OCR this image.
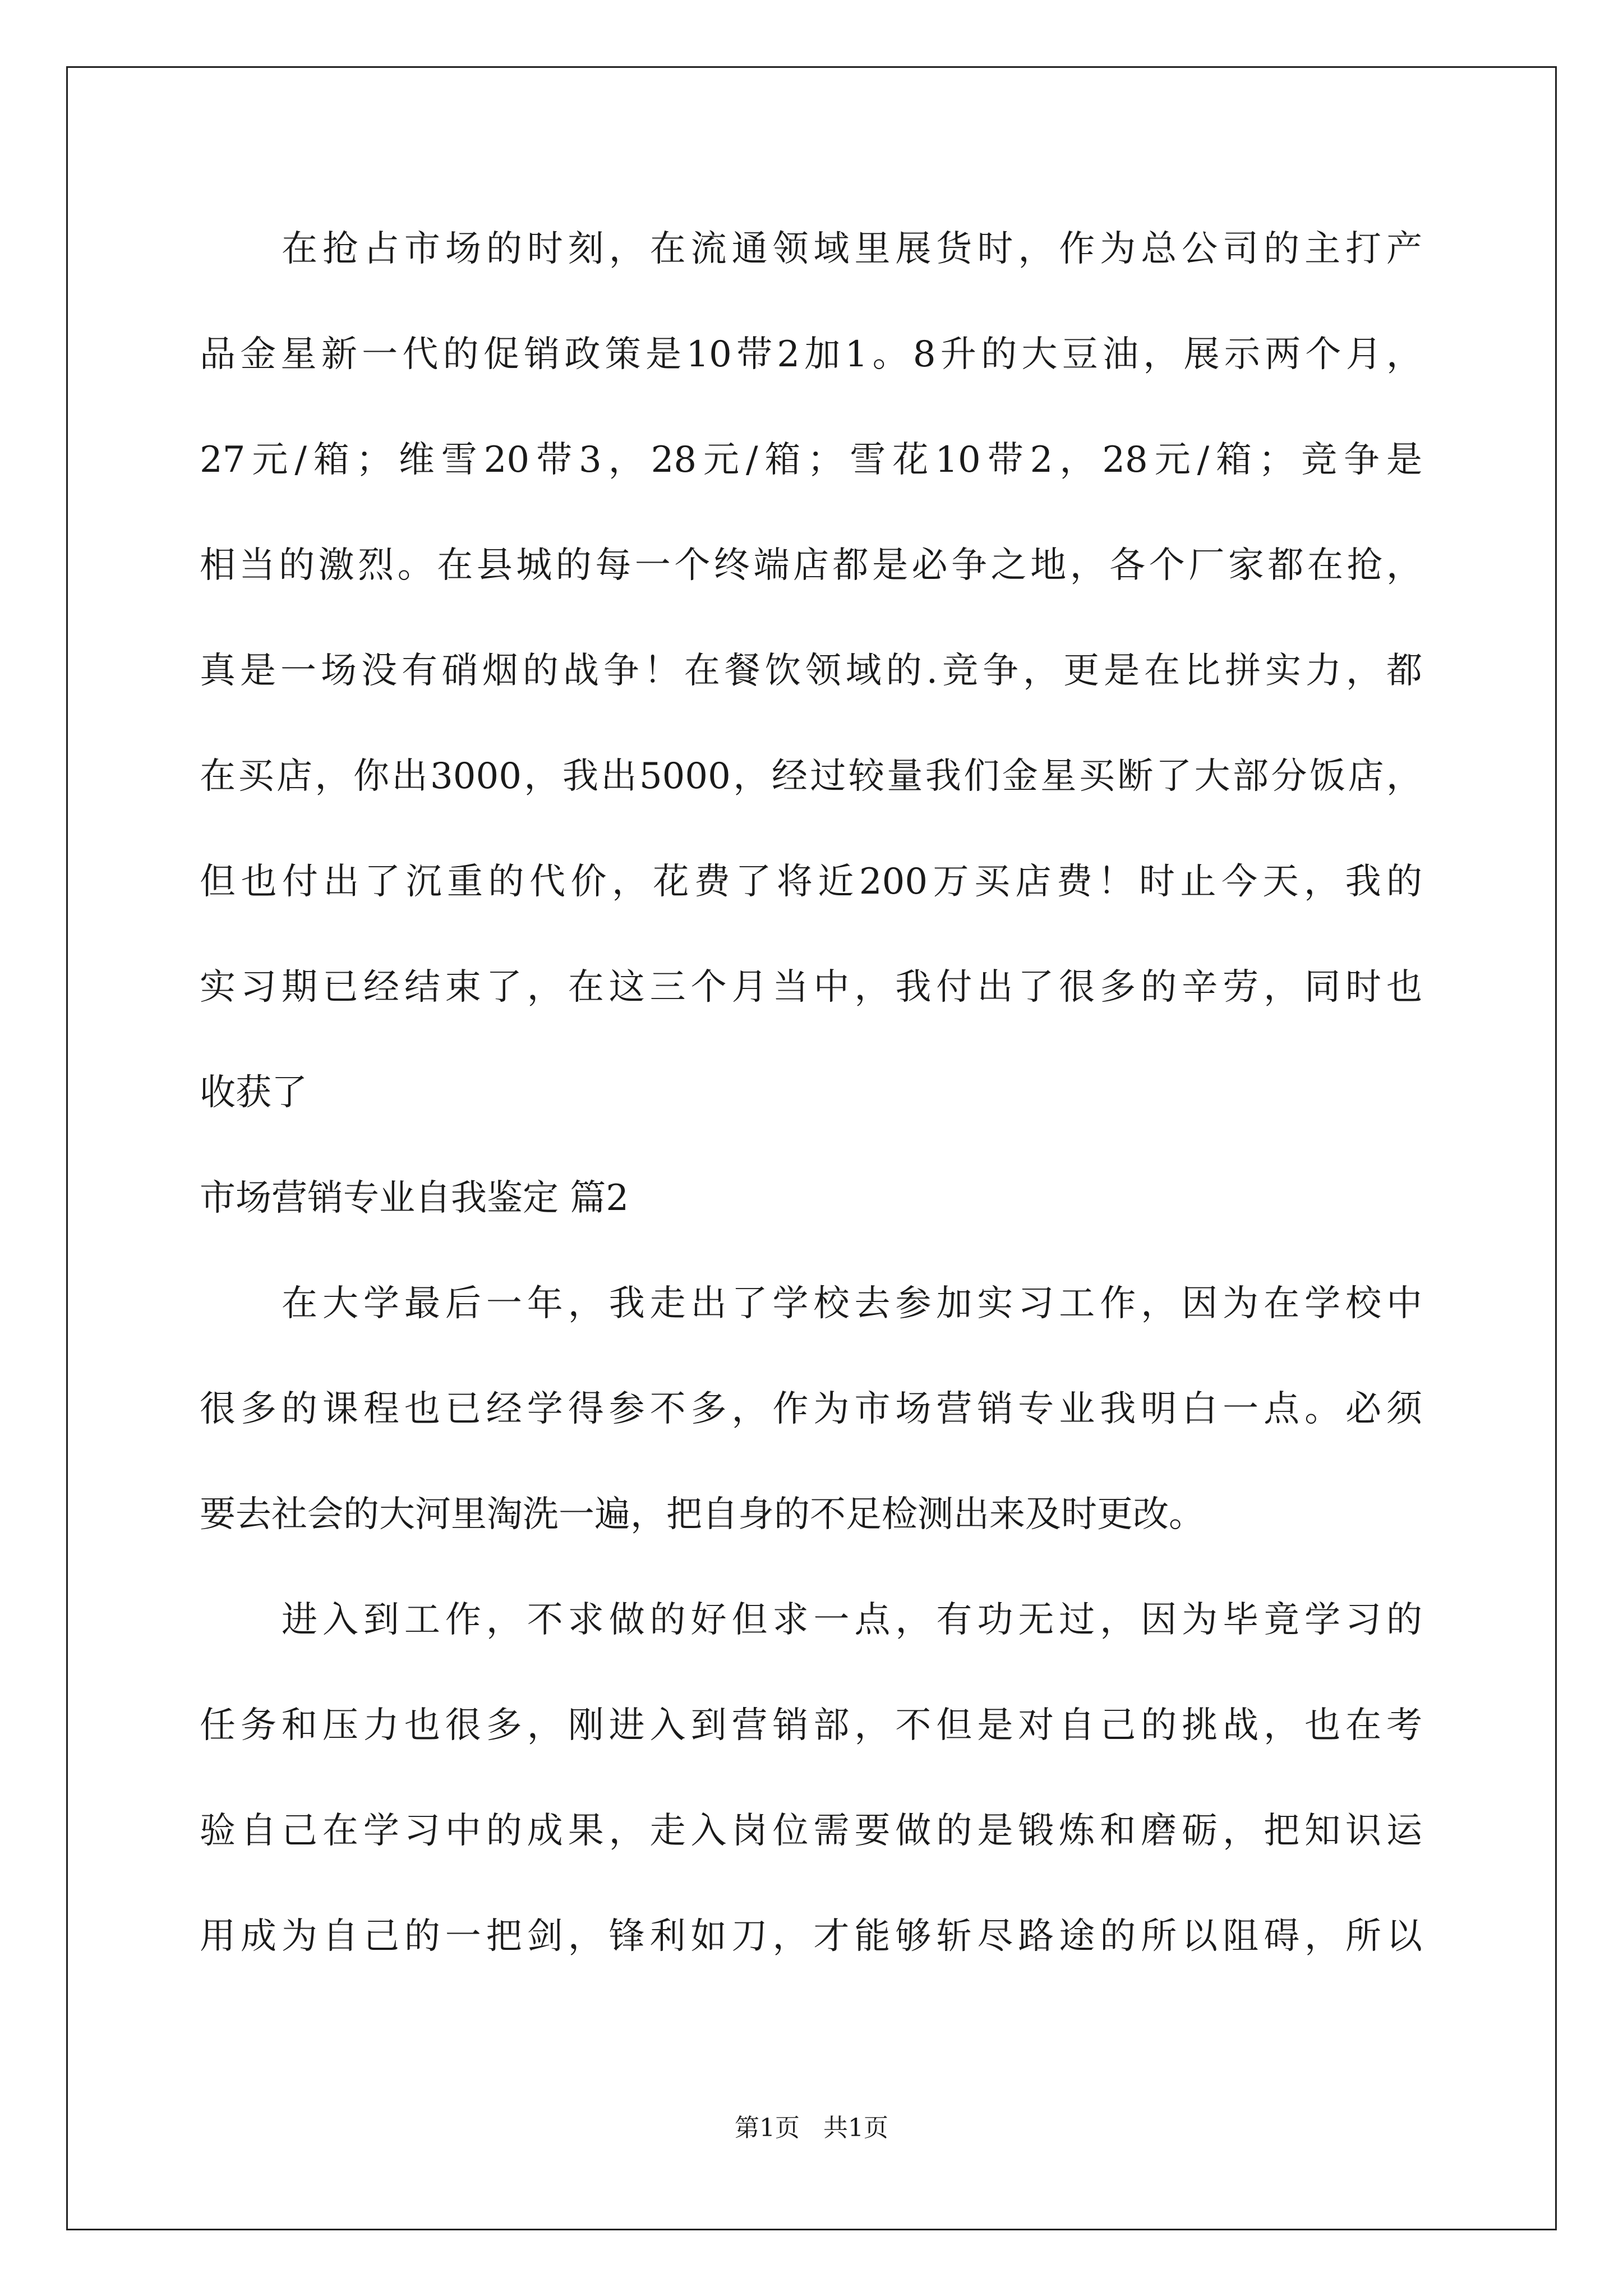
在抢占市场的时刻，在流通领域里展货时，作为总公司的主打产
品金星新一代的促销政策是10带2加1。8升的大豆油，展示两个月，
27元/箱；维雪20带3，28元/箱；雪花10带2，28元/箱；竞争是
相当的激烈。在县城的每一个终端店都是必争之地，各个厂家都在抢，
真是一场没有硝烟的战争！在餐饮领域的.竞争，更是在比拼实力，都
在买店，你出3000，我出5000，经过较量我们金星买断了大部分饭店，
但也付出了沉重的代价，花费了将近200万买店费！时止今天，我的
实习期已经结束了，在这三个月当中，我付出了很多的辛劳，同时也
收获了
市场营销专业自我鉴定 篇2
在大学最后一年，我走出了学校去参加实习工作，因为在学校中
很多的课程也已经学得参不多，作为市场营销专业我明白一点。必须
要去社会的大河里淘洗一遍，把自身的不足检测出来及时更改。
进入到工作，不求做的好但求一点，有功无过，因为毕竟学习的
任务和压力也很多，刚进入到营销部，不但是对自己的挑战，也在考
验自己在学习中的成果，走入岗位需要做的是锻炼和磨砺，把知识运
用成为自己的一把剑，锋利如刀，才能够斩尽路途的所以阻碍，所以
第1页 共1页
